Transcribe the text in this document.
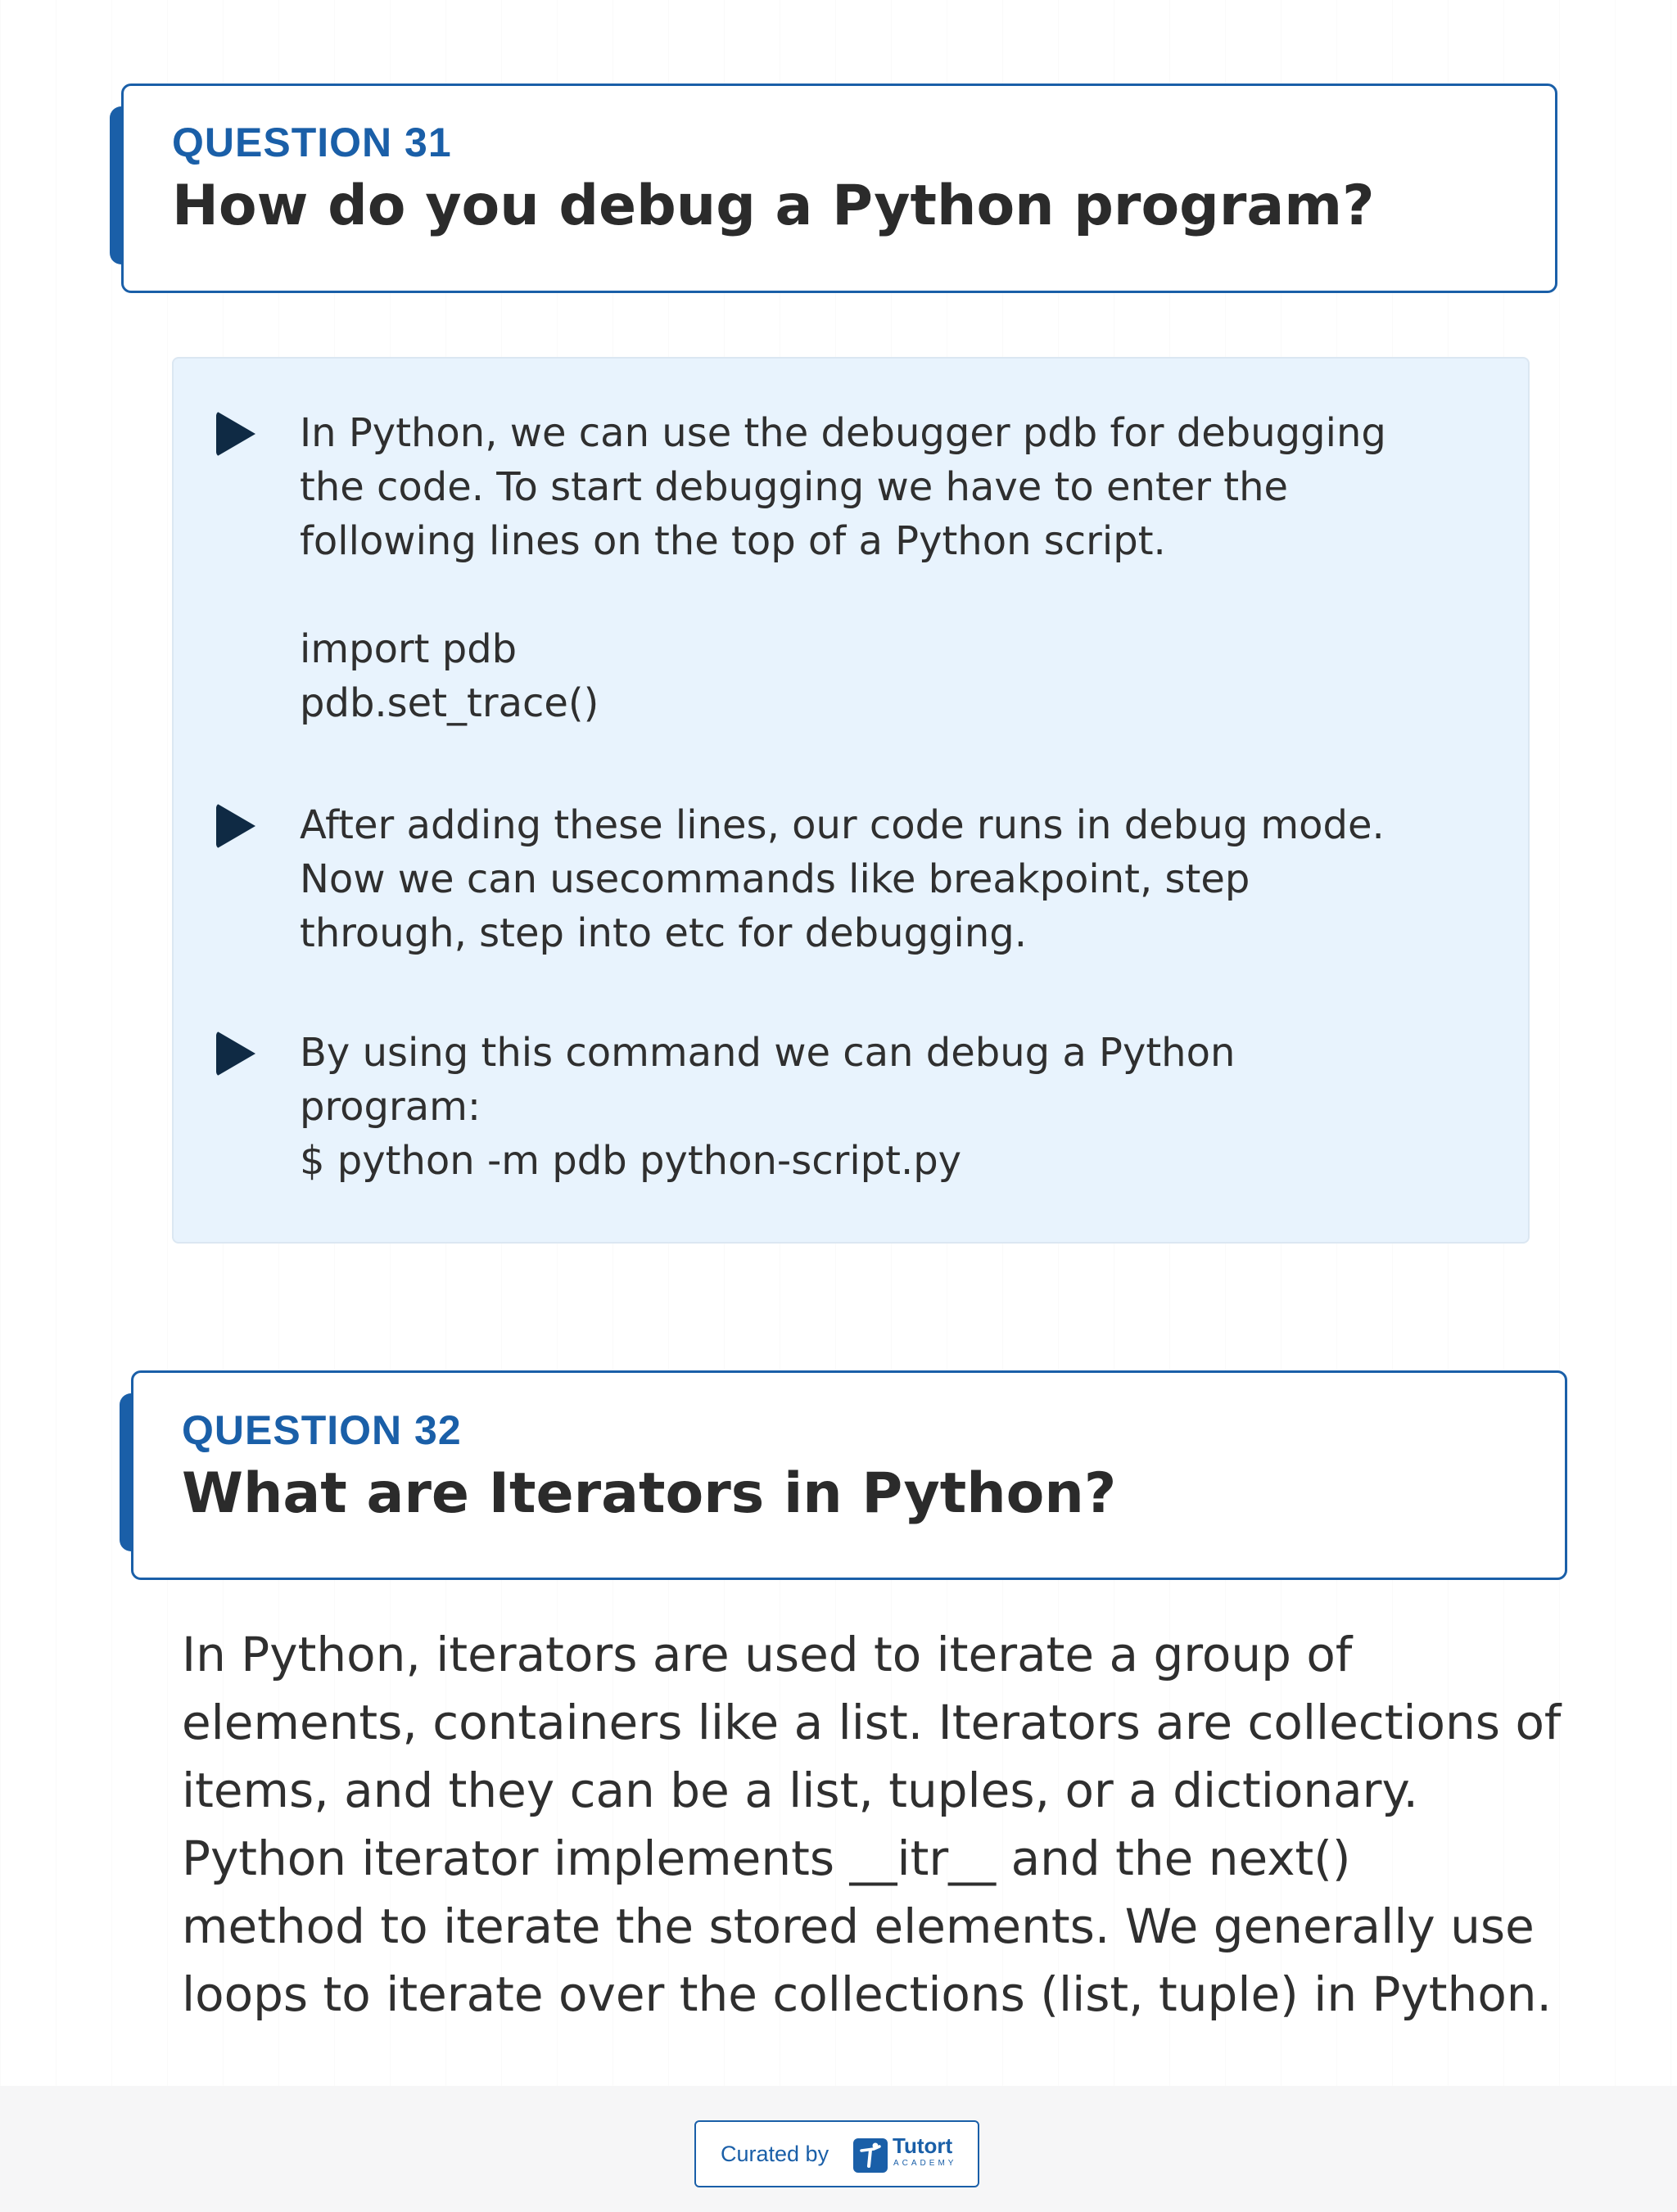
QUESTION 31
How do you debug a Python program?

In Python, we can use the debugger pdb for debugging

the code. To start debugging we have to enter the

following lines on the top of a Python script.

import pdb

pdb.set_trace()

After adding these lines, our code runs in debug mode.

Now we can usecommands like breakpoint, step

through, step into etc for debugging.

By using this command we can debug a Python

program:

$ python -m pdb python-script.py

QUESTION 32
What are Iterators in Python?

In Python, iterators are used to iterate a group of

elements, containers like a list. Iterators are collections of

items, and they can be a list, tuples, or a dictionary.

Python iterator implements __itr__ and the next()

method to iterate the stored elements. We generally use

loops to iterate over the collections (list, tuple) in Python.

Curated by	Tutort
ACADEMY
